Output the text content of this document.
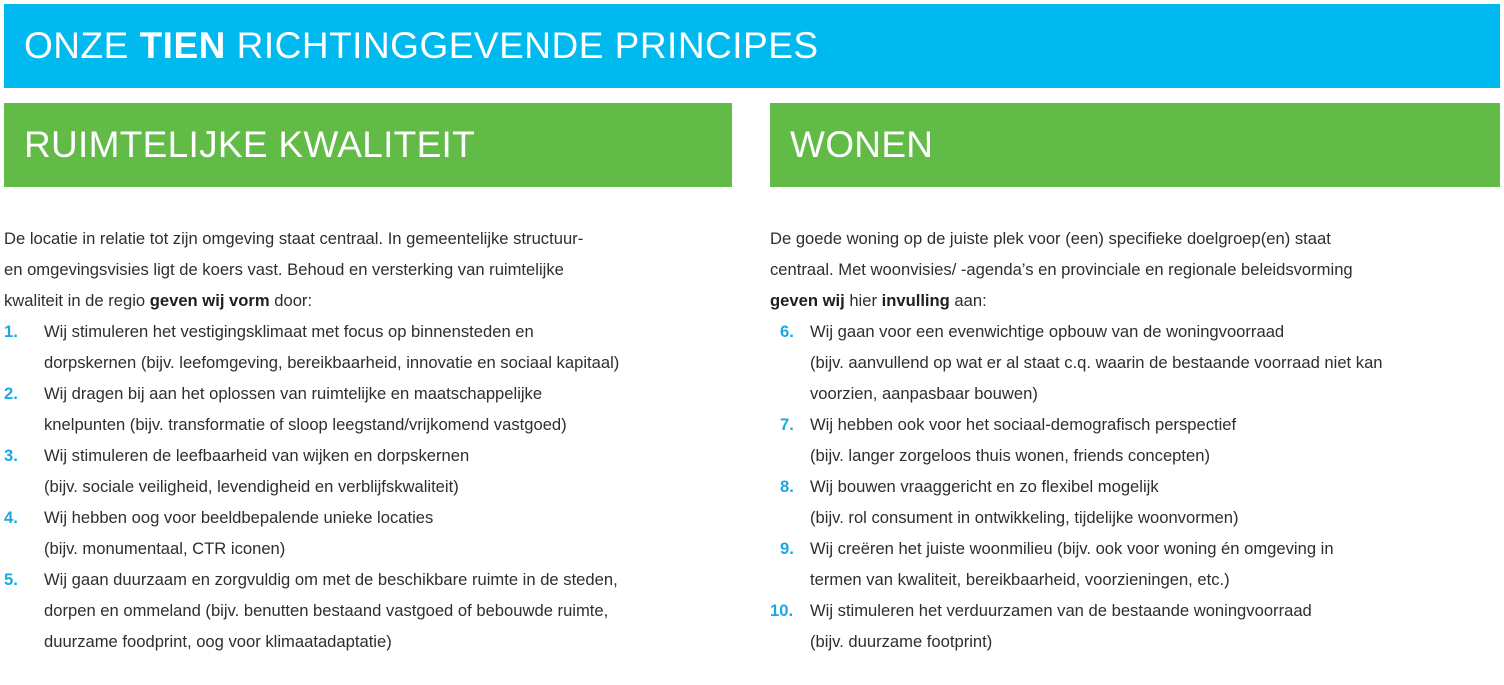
ONZE TIEN RICHTINGGEVENDE PRINCIPES
RUIMTELIJKE KWALITEIT
De locatie in relatie tot zijn omgeving staat centraal. In gemeentelijke structuur-
en omgevingsvisies ligt de koers vast. Behoud en versterking van ruimtelijke
kwaliteit in de regio geven wij vorm door:
1. Wij stimuleren het vestigingsklimaat met focus op binnensteden en
dorpskernen (bijv. leefomgeving, bereikbaarheid, innovatie en sociaal kapitaal)
2. Wij dragen bij aan het oplossen van ruimtelijke en maatschappelijke
knelpunten (bijv. transformatie of sloop leegstand/vrijkomend vastgoed)
3. Wij stimuleren de leefbaarheid van wijken en dorpskernen
(bijv. sociale veiligheid, levendigheid en verblijfskwaliteit)
4. Wij hebben oog voor beeldbepalende unieke locaties
(bijv. monumentaal, CTR iconen)
5. Wij gaan duurzaam en zorgvuldig om met de beschikbare ruimte in de steden,
dorpen en ommeland (bijv. benutten bestaand vastgoed of bebouwde ruimte,
duurzame foodprint, oog voor klimaatadaptatie)
WONEN
De goede woning op de juiste plek voor (een) specifieke doelgroep(en) staat
centraal. Met woonvisies/ -agenda’s en provinciale en regionale beleidsvorming
geven wij hier invulling aan:
6. Wij gaan voor een evenwichtige opbouw van de woningvoorraad
(bijv. aanvullend op wat er al staat c.q. waarin de bestaande voorraad niet kan
voorzien, aanpasbaar bouwen)
7. Wij hebben ook voor het sociaal-demografisch perspectief
(bijv. langer zorgeloos thuis wonen, friends concepten)
8. Wij bouwen vraaggericht en zo flexibel mogelijk
(bijv. rol consument in ontwikkeling, tijdelijke woonvormen)
9. Wij creëren het juiste woonmilieu (bijv. ook voor woning én omgeving in
termen van kwaliteit, bereikbaarheid, voorzieningen, etc.)
10. Wij stimuleren het verduurzamen van de bestaande woningvoorraad
(bijv. duurzame footprint)
